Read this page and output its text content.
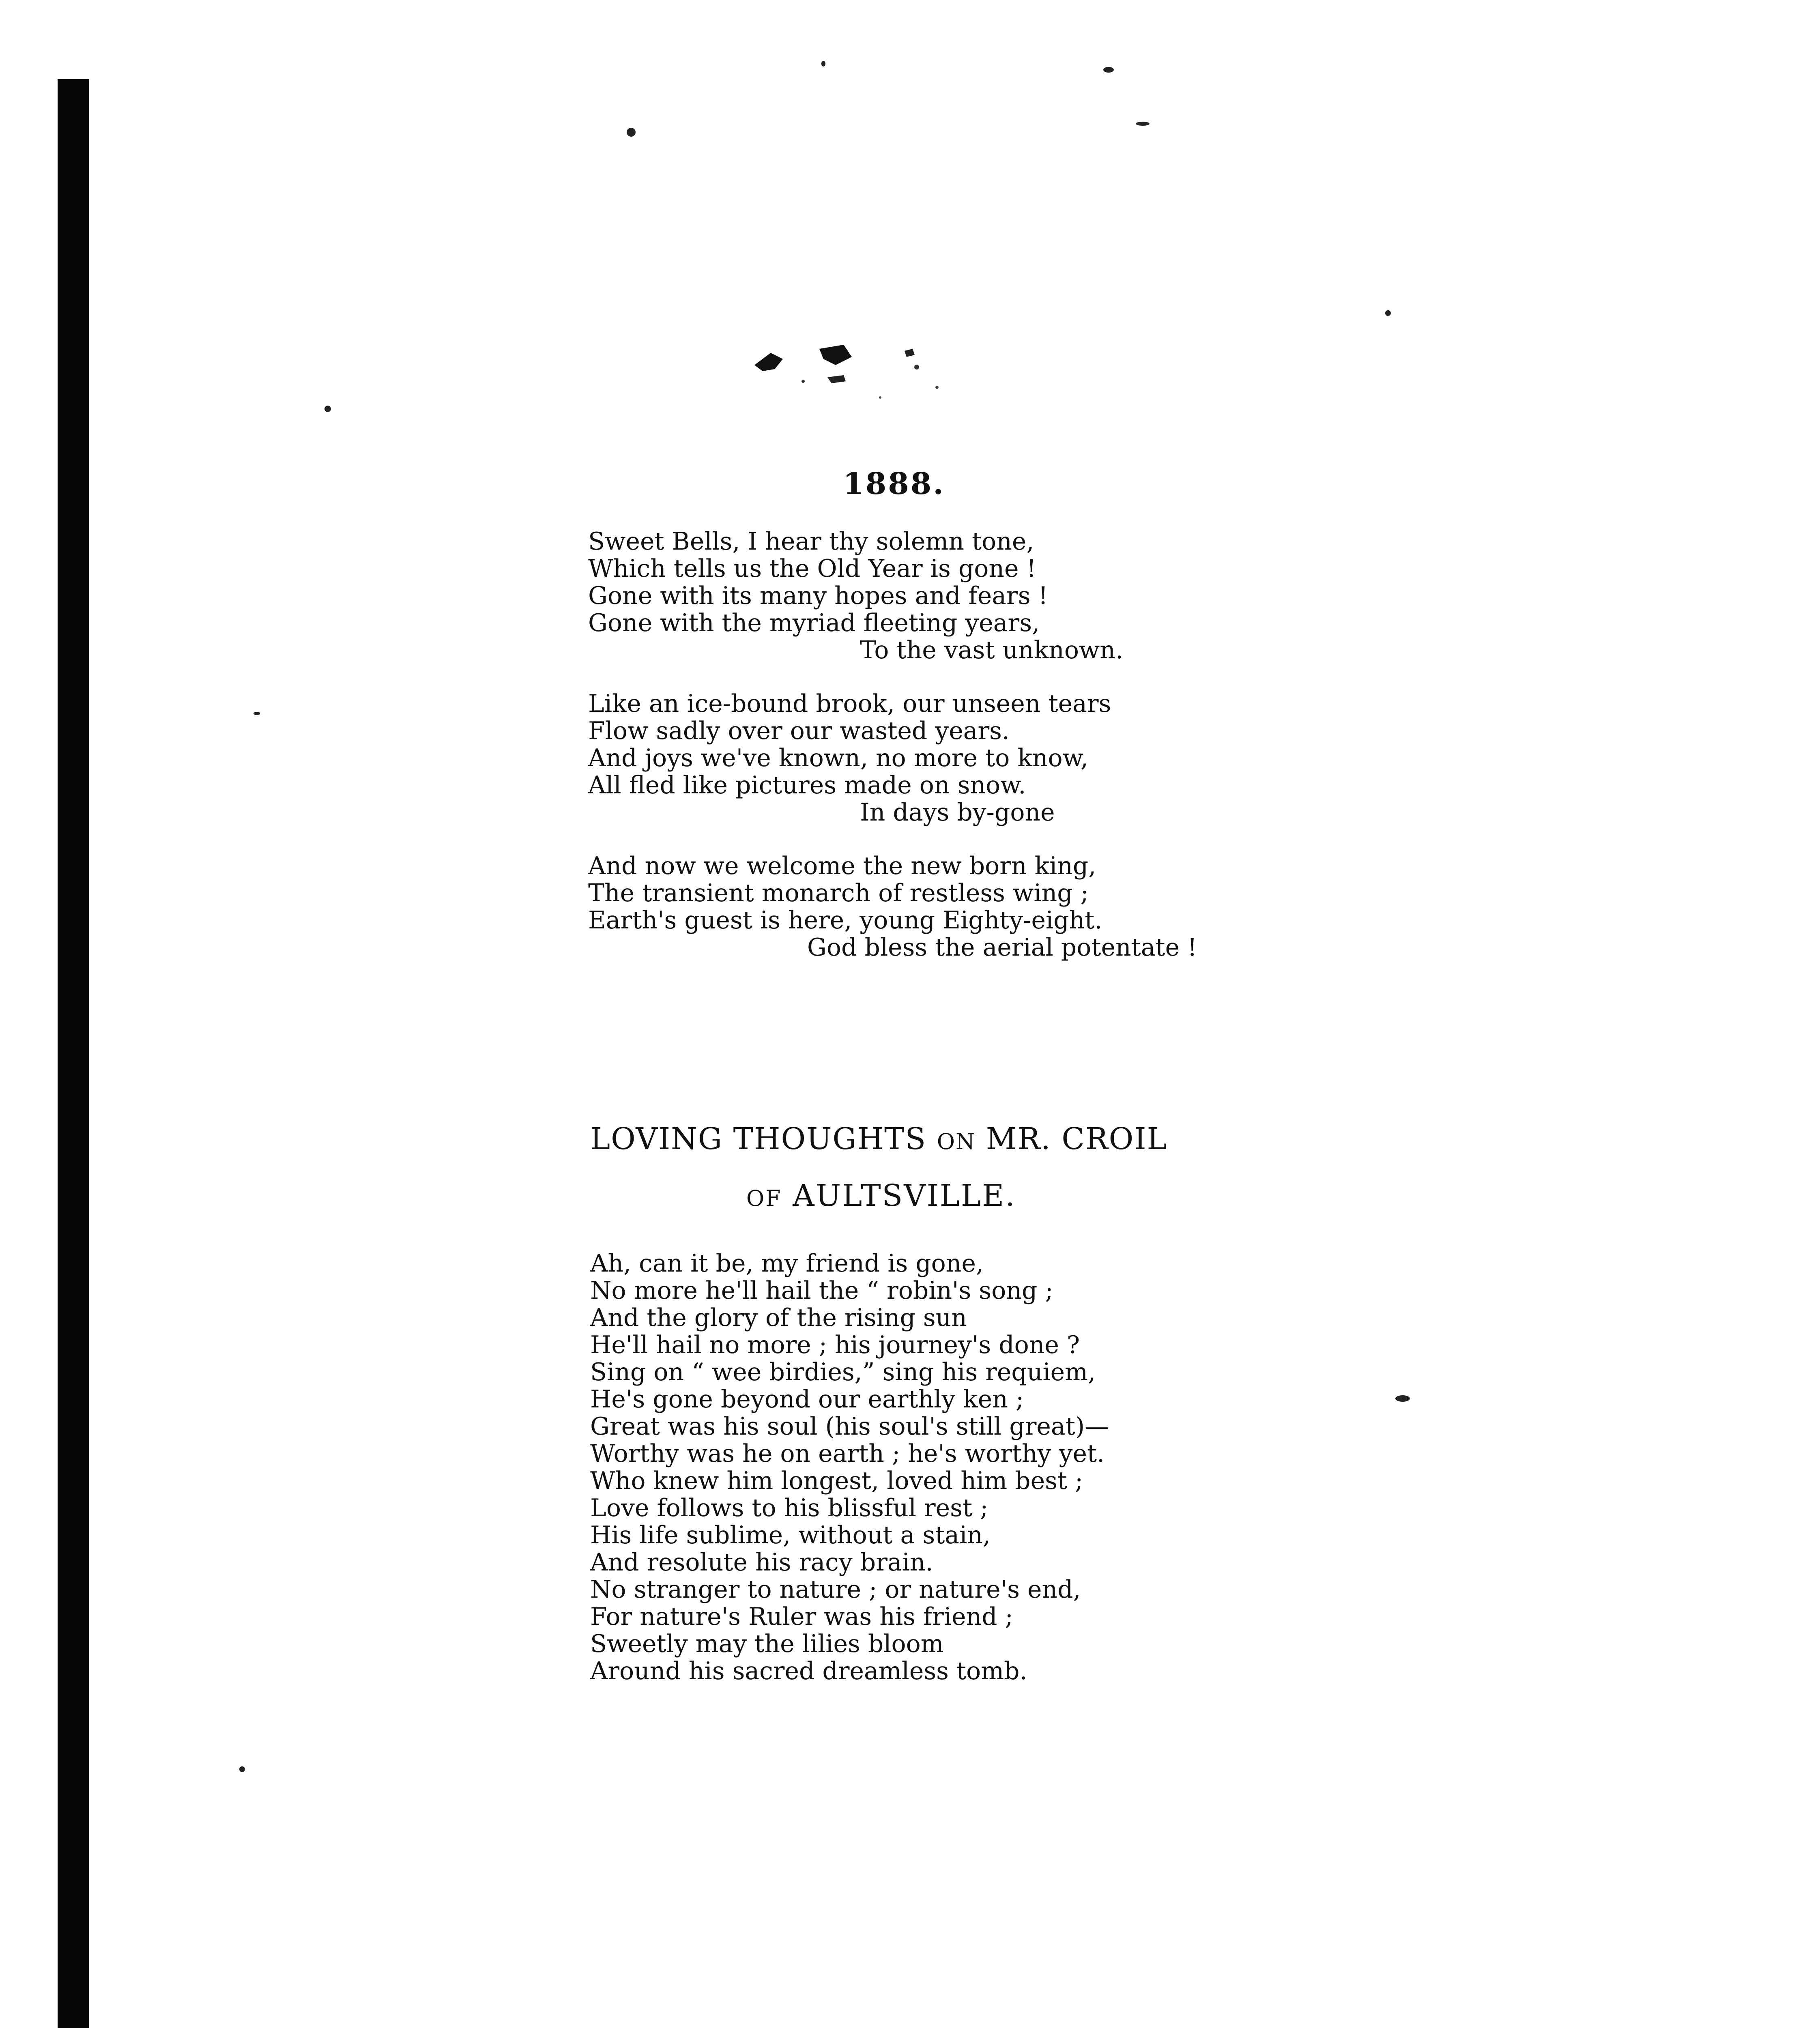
1888.
Sweet Bells, I hear thy solemn tone,
Which tells us the Old Year is gone !
Gone with its many hopes and fears !
Gone with the myriad fleeting years,
To the vast unknown.
Like an ice-bound brook, our unseen tears
Flow sadly over our wasted years.
And joys we've known, no more to know,
All fled like pictures made on snow.
In days by-gone
And now we welcome the new born king,
The transient monarch of restless wing ;
Earth's guest is here, young Eighty-eight.
God bless the aerial potentate !
LOVING THOUGHTS ON MR. CROIL
OF AULTSVILLE.
Ah, can it be, my friend is gone,
No more he'll hail the “ robin's song ;
And the glory of the rising sun
He'll hail no more ; his journey's done ?
Sing on “ wee birdies,” sing his requiem,
He's gone beyond our earthly ken ;
Great was his soul (his soul's still great)—
Worthy was he on earth ; he's worthy yet.
Who knew him longest, loved him best ;
Love follows to his blissful rest ;
His life sublime, without a stain,
And resolute his racy brain.
No stranger to nature ; or nature's end,
For nature's Ruler was his friend ;
Sweetly may the lilies bloom
Around his sacred dreamless tomb.
